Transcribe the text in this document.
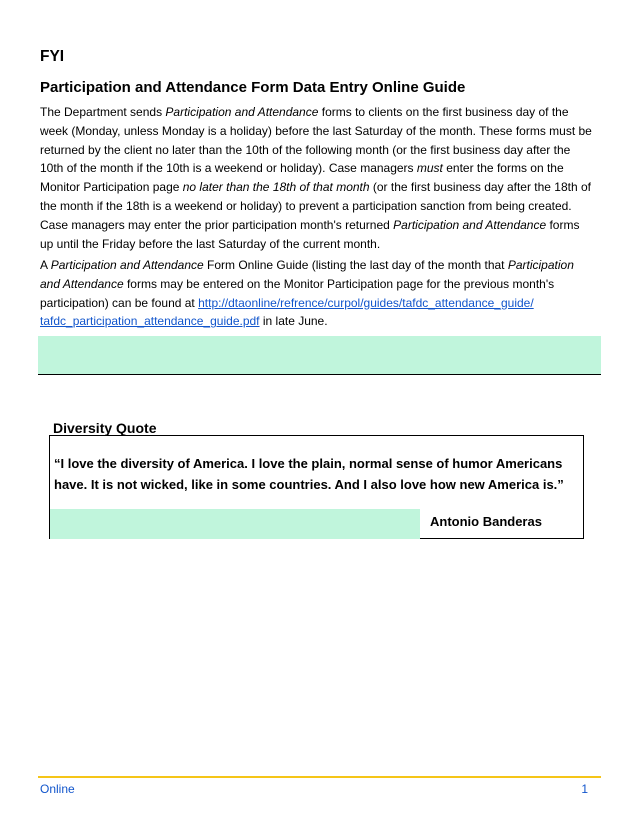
FYI
Participation and Attendance Form Data Entry Online Guide

The Department sends Participation and Attendance forms to clients on the first business day of the week (Monday, unless Monday is a holiday) before the last Saturday of the month. These forms must be returned by the client no later than the 10th of the following month (or the first business day after the 10th of the month if the 10th is a weekend or holiday). Case managers must enter the forms on the Monitor Participation page no later than the 18th of that month (or the first business day after the 18th of the month if the 18th is a weekend or holiday) to prevent a participation sanction from being created. Case managers may enter the prior participation month's returned Participation and Attendance forms up until the Friday before the last Saturday of the current month.

A Participation and Attendance Form Online Guide (listing the last day of the month that Participation and Attendance forms may be entered on the Monitor Participation page for the previous month's participation) can be found at http://dtaonline/refrence/curpol/guides/tafdc_attendance_guide/
tafdc_participation_attendance_guide.pdf in late June.

Diversity Quote

“I love the diversity of America. I love the plain, normal sense of humor Americans have. It is not wicked, like in some countries. And I also love how new America is.”

Antonio Banderas

Online	1
